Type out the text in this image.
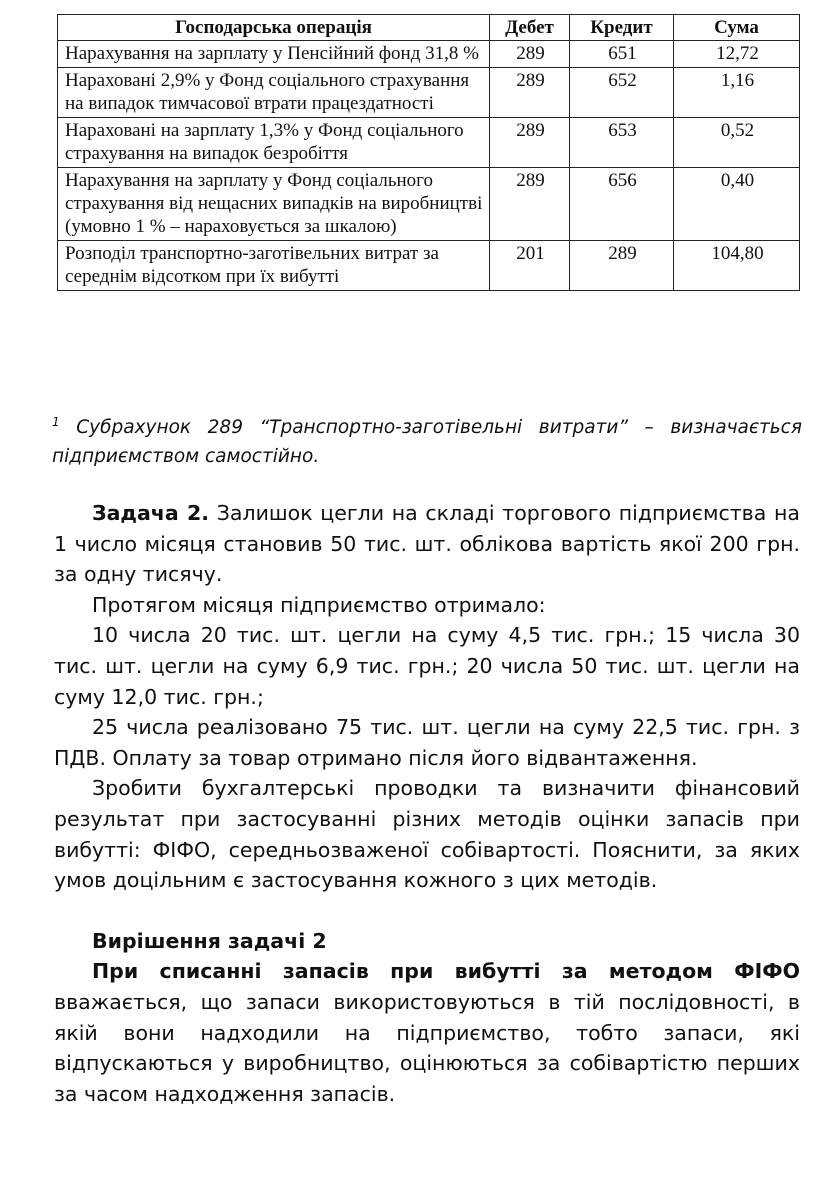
Господарська операція	Дебет	Кредит	Сума
Нарахування на зарплату у Пенсійний фонд 31,8 %	289	651	12,72
Нараховані 2,9% у Фонд соціального страхування на випадок тимчасової втрати працездатності	289	652	1,16
Нараховані на зарплату 1,3% у Фонд соціального страхування на випадок безробіття	289	653	0,52
Нарахування на зарплату у Фонд соціального страхування від нещасних випадків на виробництві (умовно 1 % – нараховується за шкалою)	289	656	0,40
Розподіл транспортно-заготівельних витрат за середнім відсотком при їх вибутті	201	289	104,80

$^1$ Субрахунок 289 “Транспортно-заготівельні витрати” – визначається підприємством самостійно.

Задача 2. Залишок цегли на складі торгового підприємства на 1 число місяця становив 50 тис. шт. облікова вартість якої 200 грн. за одну тисячу.

Протягом місяця підприємство отримало:

10 числа 20 тис. шт. цегли на суму 4,5 тис. грн.; 15 числа 30 тис. шт. цегли на суму 6,9 тис. грн.; 20 числа 50 тис. шт. цегли на суму 12,0 тис. грн.;

25 числа реалізовано 75 тис. шт. цегли на суму 22,5 тис. грн. з ПДВ. Оплату за товар отримано після його відвантаження.

Зробити бухгалтерські проводки та визначити фінансовий результат при застосуванні різних методів оцінки запасів при вибутті: ФІФО, середньозваженої собівартості. Пояснити, за яких умов доцільним є застосування кожного з цих методів.

Вирішення задачі 2

При списанні запасів при вибутті за методом ФІФО вважається, що запаси використовуються в тій послідовності, в якій вони надходили на підприємство, тобто запаси, які відпускаються у виробництво, оцінюються за собівартістю перших за часом надходження запасів.
